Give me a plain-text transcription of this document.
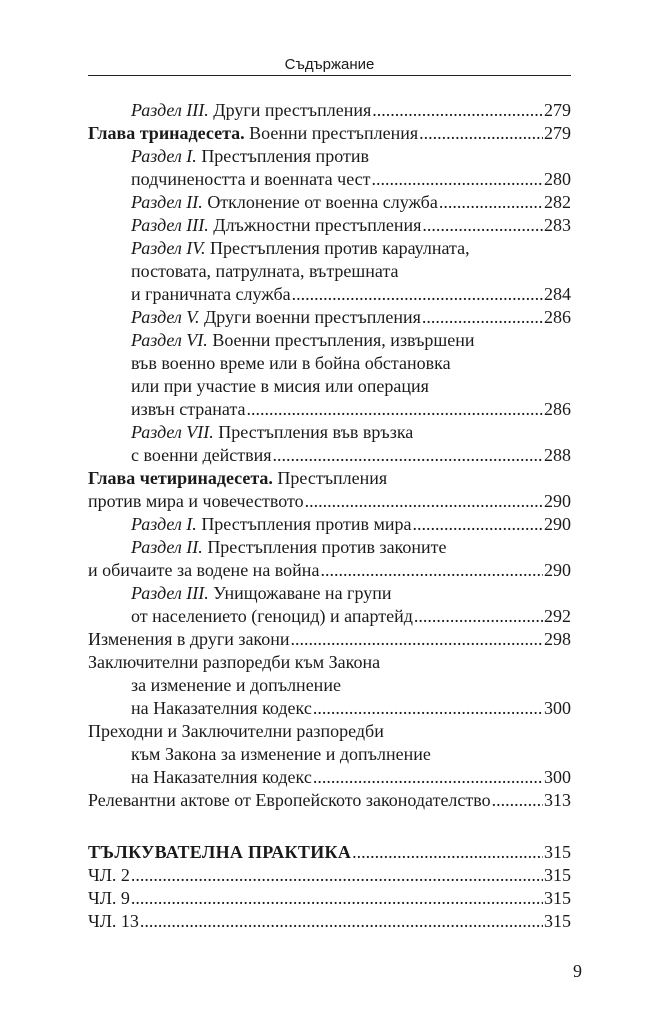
Съдържание
Раздел III. Други престъпления .....	279
Глава тринадесета. Военни престъпления .....	279
Раздел I. Престъпления против
подчинеността и военната чест .....	280
Раздел II. Отклонение от военна служба .....	282
Раздел III. Длъжностни престъпления .....	283
Раздел IV. Престъпления против караулната,
постовата, патрулната, вътрешната
и граничната служба .....	284
Раздел V. Други военни престъпления .....	286
Раздел VI. Военни престъпления, извършени
във военно време или в бойна обстановка
или при участие в мисия или операция
извън страната .....	286
Раздел VII. Престъпления във връзка
с военни действия .....	288
Глава четиринадесета. Престъпления
против мира и човечеството .....	290
Раздел I. Престъпления против мира .....	290
Раздел II. Престъпления против законите
и обичаите за водене на война .....	290
Раздел III. Унищожаване на групи
от населението (геноцид) и апартейд .....	292
Изменения в други закони .....	298
Заключителни разпоредби към Закона
за изменение и допълнение
на Наказателния кодекс .....	300
Преходни и Заключителни разпоредби
към Закона за изменение и допълнение
на Наказателния кодекс .....	300
Релевантни актове от Европейското законодателство .....	313
ТЪЛКУВАТЕЛНА ПРАКТИКА .....	315
ЧЛ. 2 .....	315
ЧЛ. 9 .....	315
ЧЛ. 13 .....	315
9
